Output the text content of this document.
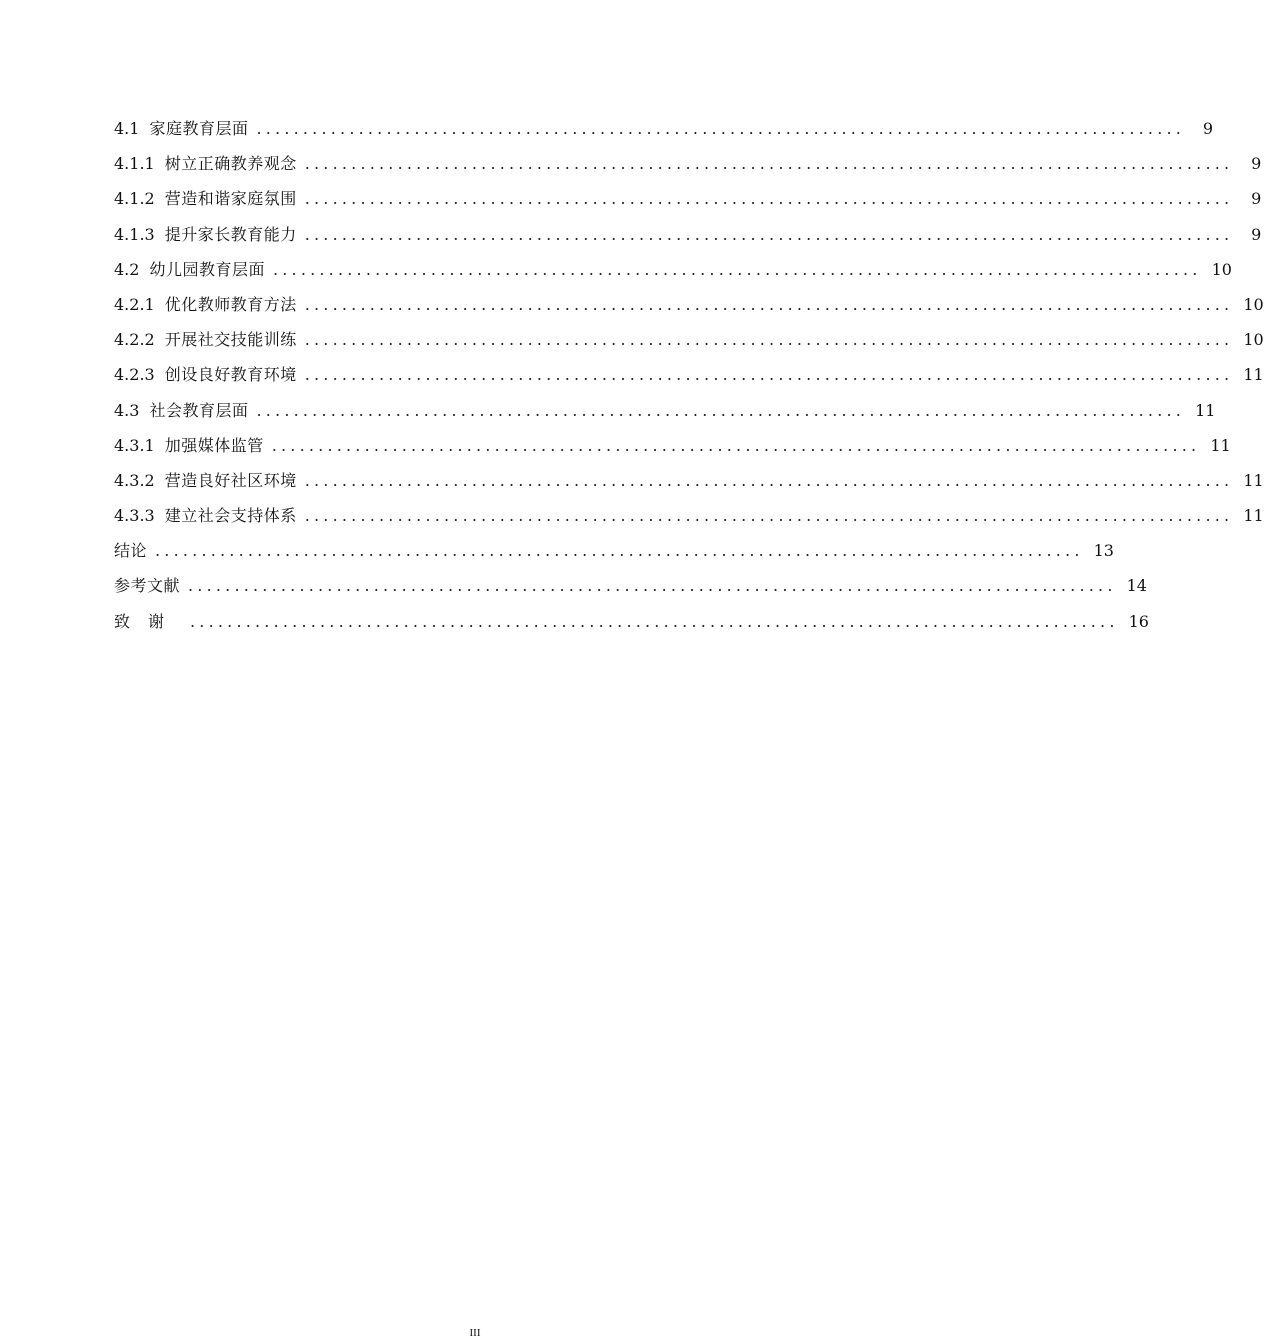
4.1 家庭教育层面 ....................................................................................................	9
4.1.1 树立正确教养观念 ....................................................................................................	9
4.1.2 营造和谐家庭氛围 ....................................................................................................	9
4.1.3 提升家长教育能力 ....................................................................................................	9
4.2 幼儿园教育层面 .................................................................................................... 10
4.2.1 优化教师教育方法 .................................................................................................... 10
4.2.2 开展社交技能训练 .................................................................................................... 10
4.2.3 创设良好教育环境 .................................................................................................... 11
4.3 社会教育层面 .................................................................................................... 11
4.3.1 加强媒体监管 .................................................................................................... 11
4.3.2 营造良好社区环境 .................................................................................................... 11
4.3.3 建立社会支持体系 .................................................................................................... 11
结论 .................................................................................................... 13
参考文献 .................................................................................................... 14
致谢 .................................................................................................... 16
III
